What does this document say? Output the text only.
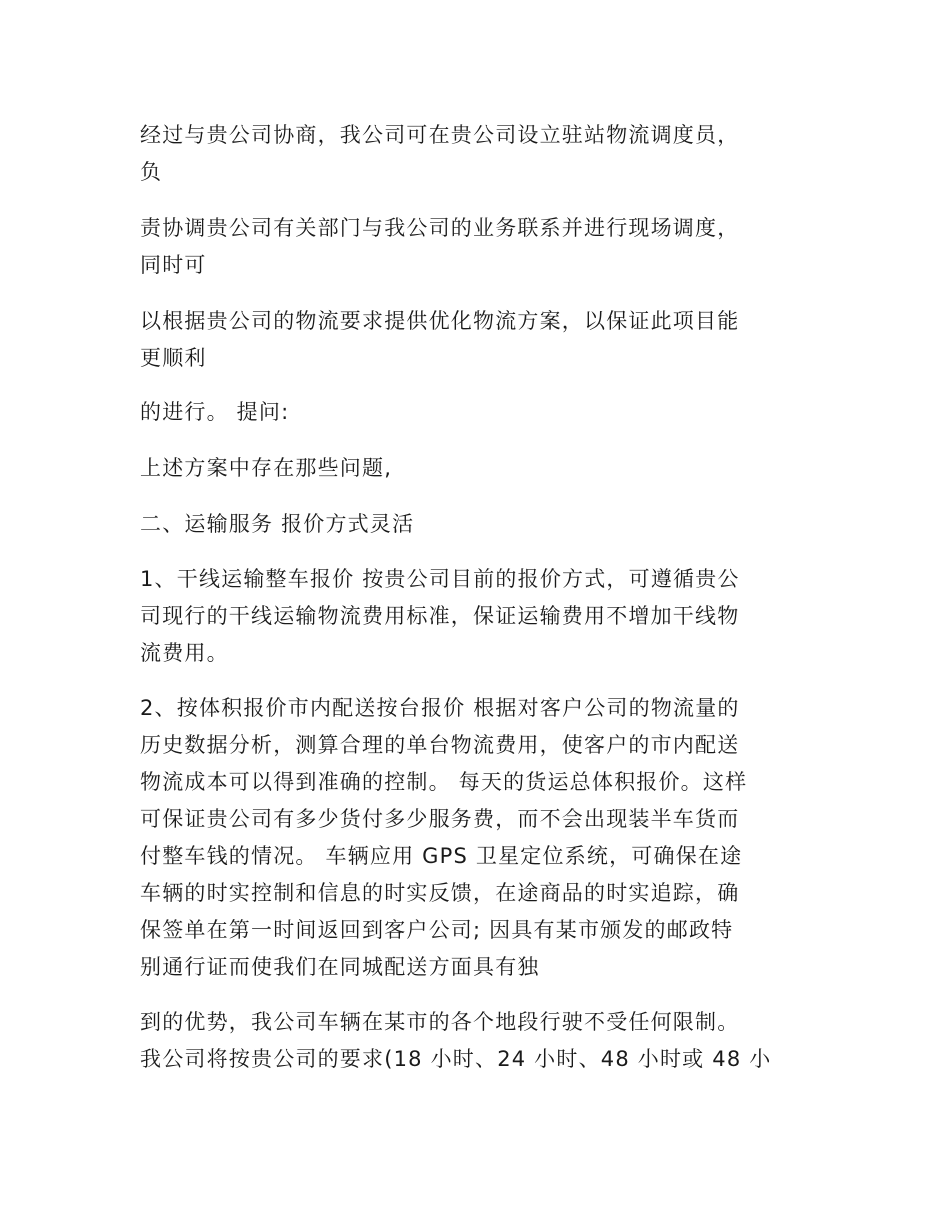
经过与贵公司协商，我公司可在贵公司设立驻站物流调度员，
负

责协调贵公司有关部门与我公司的业务联系并进行现场调度，
同时可

以根据贵公司的物流要求提供优化物流方案，以保证此项目能
更顺利

的进行。 提问:

上述方案中存在那些问题,

二、运输服务 报价方式灵活

1、干线运输整车报价 按贵公司目前的报价方式，可遵循贵公
司现行的干线运输物流费用标准，保证运输费用不增加干线物
流费用。

2、按体积报价市内配送按台报价 根据对客户公司的物流量的
历史数据分析，测算合理的单台物流费用，使客户的市内配送
物流成本可以得到准确的控制。 每天的货运总体积报价。这样
可保证贵公司有多少货付多少服务费，而不会出现装半车货而
付整车钱的情况。 车辆应用 GPS 卫星定位系统，可确保在途
车辆的时实控制和信息的时实反馈，在途商品的时实追踪，确
保签单在第一时间返回到客户公司; 因具有某市颁发的邮政特
别通行证而使我们在同城配送方面具有独

到的优势，我公司车辆在某市的各个地段行驶不受任何限制。
我公司将按贵公司的要求(18 小时、24 小时、48 小时或 48 小
